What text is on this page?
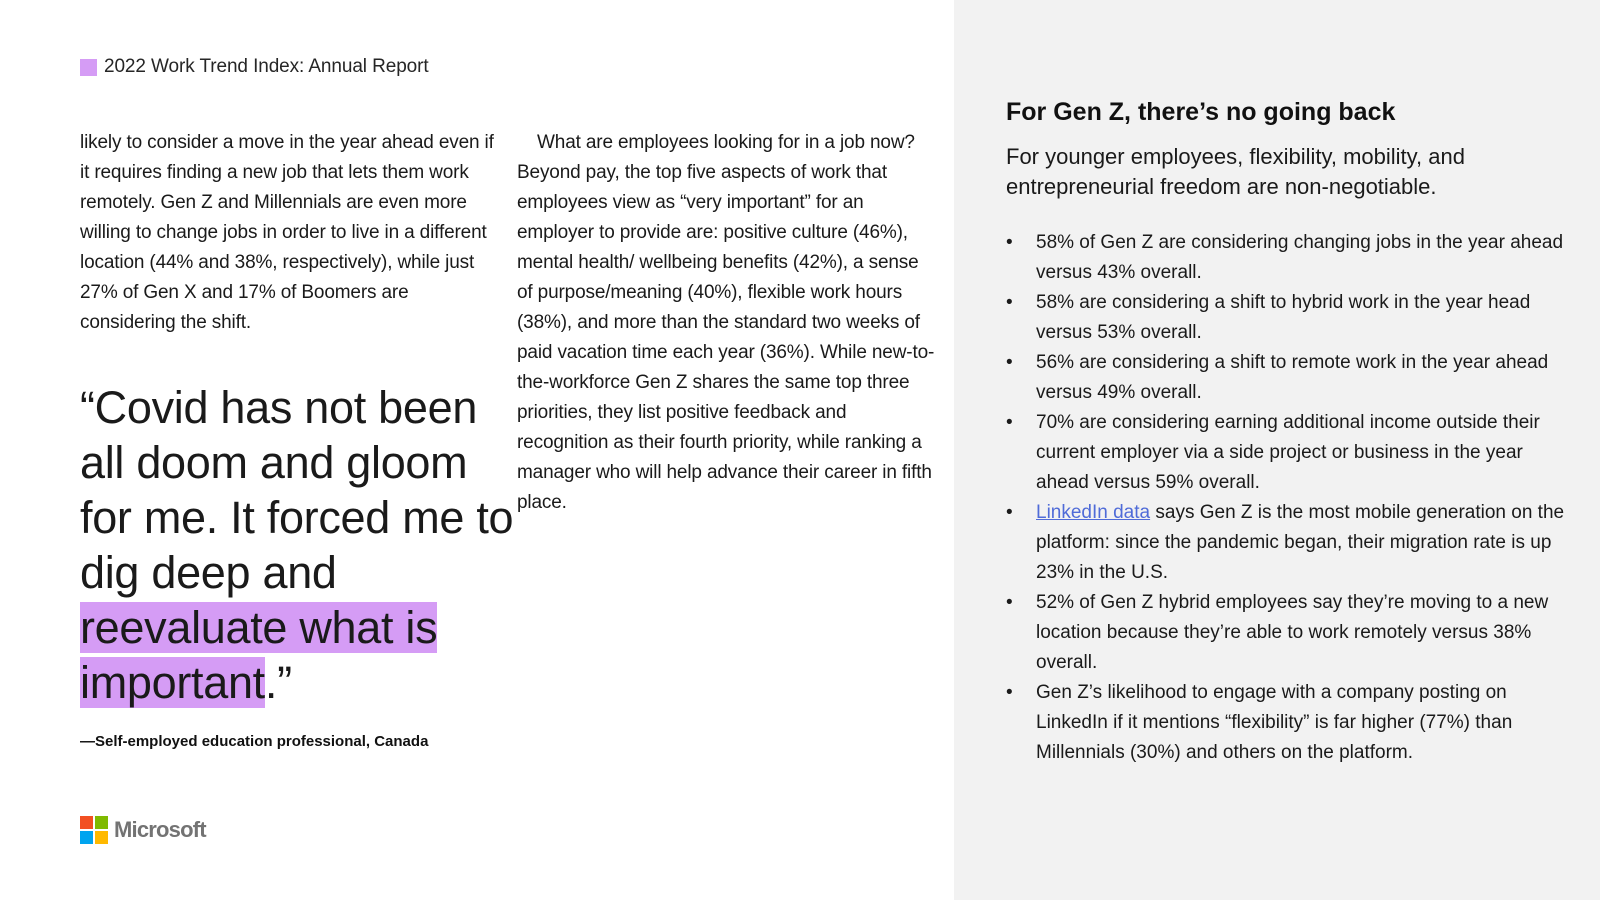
2022 Work Trend Index: Annual Report
likely to consider a move in the year ahead even if it requires finding a new job that lets them work remotely. Gen Z and Millennials are even more willing to change jobs in order to live in a different location (44% and 38%, respectively), while just 27% of Gen X and 17% of Boomers are considering the shift.
What are employees looking for in a job now? Beyond pay, the top five aspects of work that employees view as “very important” for an employer to provide are: positive culture (46%), mental health/ wellbeing benefits (42%), a sense of purpose/meaning (40%), flexible work hours (38%), and more than the standard two weeks of paid vacation time each year (36%). While new-to-the-workforce Gen Z shares the same top three priorities, they list positive feedback and recognition as their fourth priority, while ranking a manager who will help advance their career in fifth place.
“Covid has not been all doom and gloom for me. It forced me to dig deep and reevaluate what is
important.”
—Self-employed education professional, Canada
Microsoft
For Gen Z, there’s no going back
For younger employees, flexibility, mobility, and entrepreneurial freedom are non-negotiable.
• 58% of Gen Z are considering changing jobs in the year ahead versus 43% overall.
• 58% are considering a shift to hybrid work in the year head versus 53% overall.
• 56% are considering a shift to remote work in the year ahead versus 49% overall.
• 70% are considering earning additional income outside their current employer via a side project or business in the year ahead versus 59% overall.
• LinkedIn data says Gen Z is the most mobile generation on the platform: since the pandemic began, their migration rate is up 23% in the U.S.
• 52% of Gen Z hybrid employees say they’re moving to a new location because they’re able to work remotely versus 38% overall.
• Gen Z’s likelihood to engage with a company posting on LinkedIn if it mentions “flexibility” is far higher (77%) than Millennials (30%) and others on the platform.
